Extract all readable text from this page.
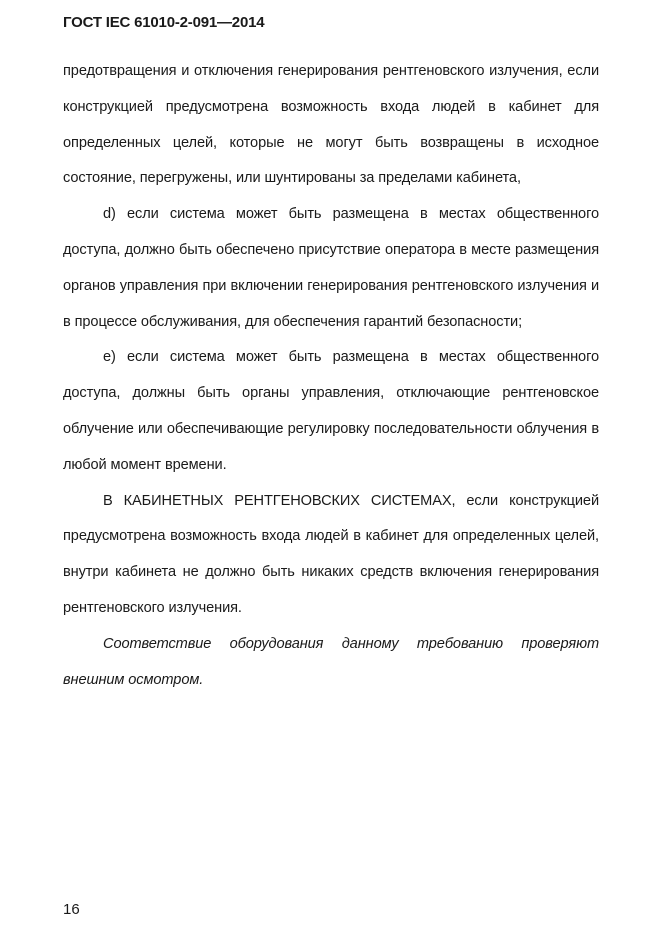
ГОСТ IEC 61010-2-091—2014

предотвращения и отключения генерирования рентгеновского излучения, если конструкцией предусмотрена возможность входа людей в кабинет для определенных целей, которые не могут быть возвращены в исходное состояние, перегружены, или шунтированы за пределами кабинета,

d) если система может быть размещена в местах общественного доступа, должно быть обеспечено присутствие оператора в месте размещения органов управления при включении генерирования рентгеновского излучения и в процессе обслуживания, для обеспечения гарантий безопасности;

е) если система может быть размещена в местах общественного доступа, должны быть органы управления, отключающие рентгеновское облучение или обеспечивающие регулировку последовательности облучения в любой момент времени.

В КАБИНЕТНЫХ РЕНТГЕНОВСКИХ СИСТЕМАХ, если конструкцией предусмотрена возможность входа людей в кабинет для определенных целей, внутри кабинета не должно быть никаких средств включения генерирования рентгеновского излучения.

Соответствие оборудования данному требованию проверяют внешним осмотром.

16
